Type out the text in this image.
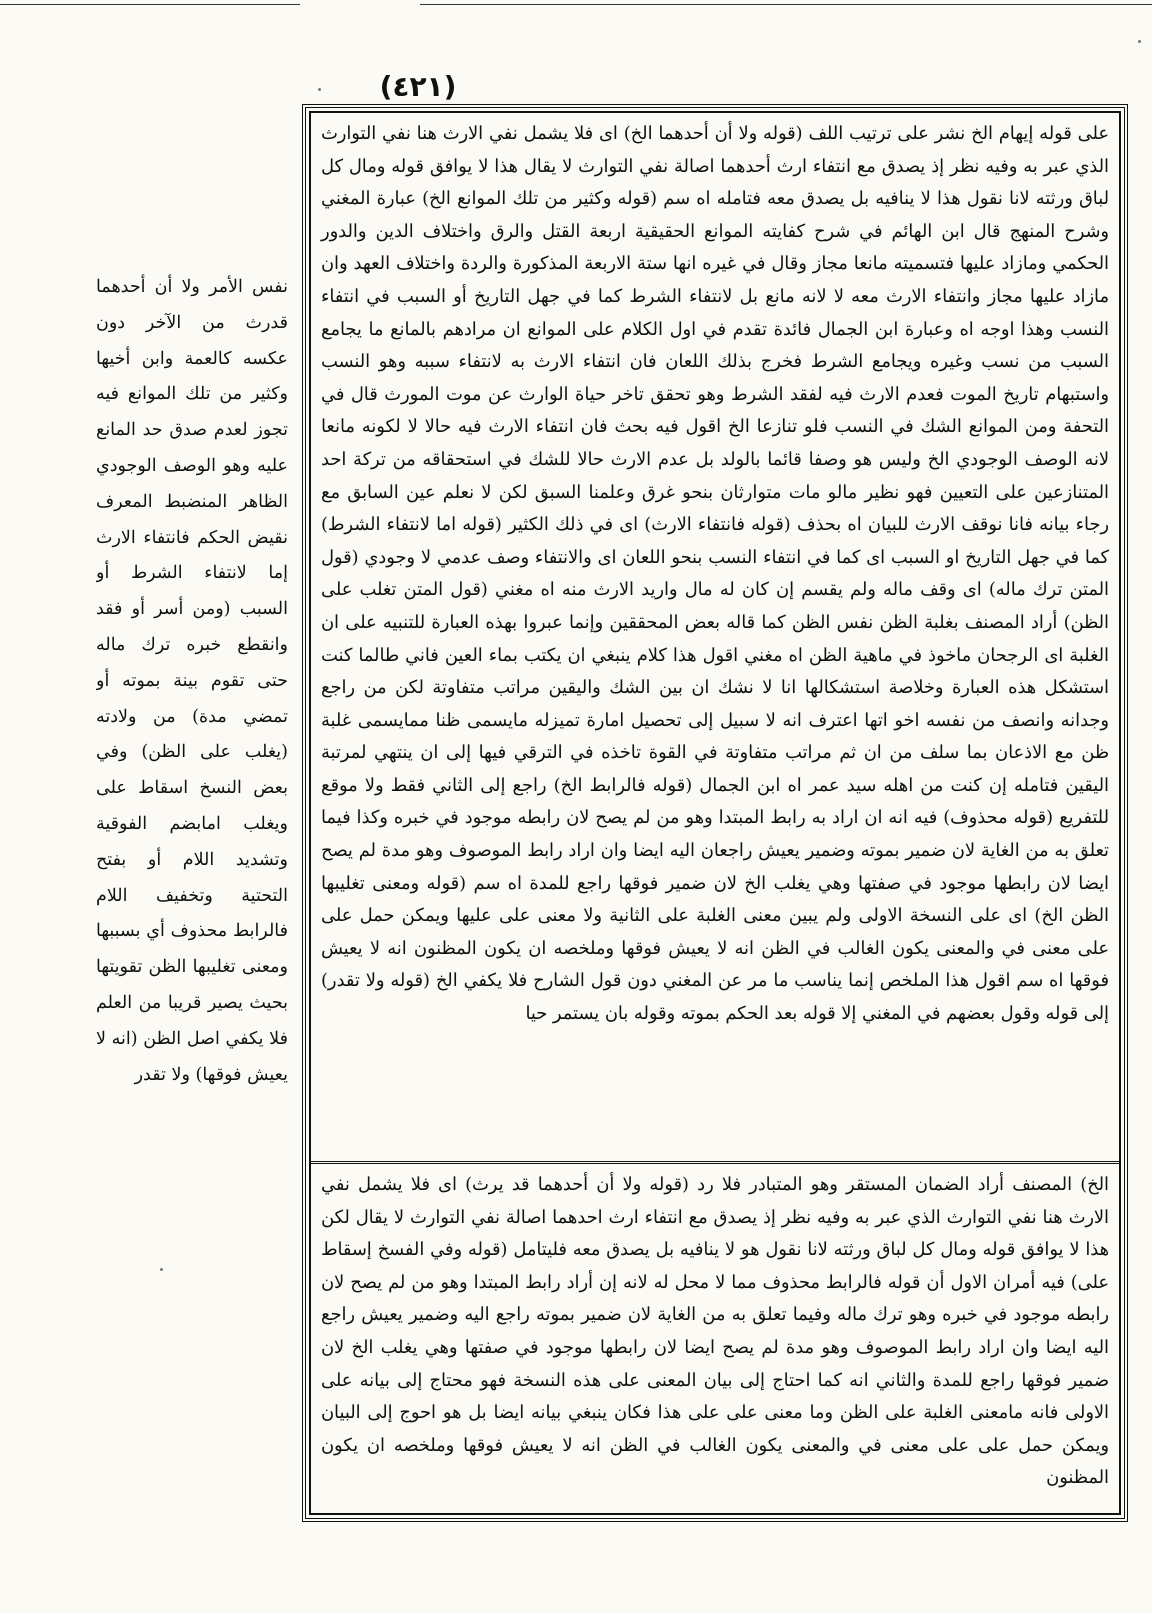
(٤٢١)
نفس الأمر ولا أن أحدهما قدرث من الآخر دون عكسه كالعمة وابن أخيها وكثير من تلك الموانع فيه تجوز لعدم صدق حد المانع عليه وهو الوصف الوجودي الظاهر المنضبط المعرف نقيض الحكم فانتفاء الارث إما لانتفاء الشرط أو السبب (ومن أسر أو فقد وانقطع خبره ترك ماله حتى تقوم بينة بموته أو تمضي مدة) من ولادته (يغلب على الظن) وفي بعض النسخ اسقاط على ويغلب امابضم الفوقية وتشديد اللام أو بفتح التحتية وتخفيف اللام فالرابط محذوف أي بسببها ومعنى تغليبها الظن تقويتها بحيث يصير قريبا من العلم فلا يكفي اصل الظن (انه لا يعيش فوقها) ولا تقدر
على قوله إيهام الخ نشر على ترتيب اللف (قوله ولا أن أحدهما الخ) اى فلا يشمل نفي الارث هنا نفي التوارث الذي عبر به وفيه نظر إذ يصدق مع انتفاء ارث أحدهما اصالة نفي التوارث لا يقال هذا لا يوافق قوله ومال كل لباق ورثته لانا نقول هذا لا ينافيه بل يصدق معه فتامله اه سم (قوله وكثير من تلك الموانع الخ) عبارة المغني وشرح المنهج قال ابن الهائم في شرح كفايته الموانع الحقيقية اربعة القتل والرق واختلاف الدين والدور الحكمي ومازاد عليها فتسميته مانعا مجاز وقال في غيره انها ستة الاربعة المذكورة والردة واختلاف العهد وان مازاد عليها مجاز وانتفاء الارث معه لا لانه مانع بل لانتفاء الشرط كما في جهل التاريخ أو السبب في انتفاء النسب وهذا اوجه اه وعبارة ابن الجمال فائدة تقدم في اول الكلام على الموانع ان مرادهم بالمانع ما يجامع السبب من نسب وغيره ويجامع الشرط فخرج بذلك اللعان فان انتفاء الارث به لانتفاء سببه وهو النسب واستبهام تاريخ الموت فعدم الارث فيه لفقد الشرط وهو تحقق تاخر حياة الوارث عن موت المورث قال في التحفة ومن الموانع الشك في النسب فلو تنازعا الخ اقول فيه بحث فان انتفاء الارث فيه حالا لا لكونه مانعا لانه الوصف الوجودي الخ وليس هو وصفا قائما بالولد بل عدم الارث حالا للشك في استحقاقه من تركة احد المتنازعين على التعيين فهو نظير مالو مات متوارثان بنحو غرق وعلمنا السبق لكن لا نعلم عين السابق مع رجاء بيانه فانا نوقف الارث للبيان اه بحذف (قوله فانتفاء الارث) اى في ذلك الكثير (قوله اما لانتفاء الشرط) كما في جهل التاريخ او السبب اى كما في انتفاء النسب بنحو اللعان اى والانتفاء وصف عدمي لا وجودي (قول المتن ترك ماله) اى وقف ماله ولم يقسم إن كان له مال واريد الارث منه اه مغني (قول المتن تغلب على الظن) أراد المصنف بغلبة الظن نفس الظن كما قاله بعض المحققين وإنما عبروا بهذه العبارة للتنبيه على ان الغلبة اى الرجحان ماخوذ في ماهية الظن اه مغني اقول هذا كلام ينبغي ان يكتب بماء العين فاني طالما كنت استشكل هذه العبارة وخلاصة استشكالها انا لا نشك ان بين الشك واليقين مراتب متفاوتة لكن من راجع وجدانه وانصف من نفسه اخو اتها اعترف انه لا سبيل إلى تحصيل امارة تميزله مايسمى ظنا ممايسمى غلبة ظن مع الاذعان بما سلف من ان ثم مراتب متفاوتة في القوة تاخذه في الترقي فيها إلى ان ينتهي لمرتبة اليقين فتامله إن كنت من اهله سيد عمر اه ابن الجمال (قوله فالرابط الخ) راجع إلى الثاني فقط ولا موقع للتفريع (قوله محذوف) فيه انه ان اراد به رابط المبتدا وهو من لم يصح لان رابطه موجود في خبره وكذا فيما تعلق به من الغاية لان ضمير بموته وضمير يعيش راجعان اليه ايضا وان اراد رابط الموصوف وهو مدة لم يصح ايضا لان رابطها موجود في صفتها وهي يغلب الخ لان ضمير فوقها راجع للمدة اه سم (قوله ومعنى تغليبها الظن الخ) اى على النسخة الاولى ولم يبين معنى الغلبة على الثانية ولا معنى على عليها ويمكن حمل على على معنى في والمعنى يكون الغالب في الظن انه لا يعيش فوقها وملخصه ان يكون المظنون انه لا يعيش فوقها اه سم اقول هذا الملخص إنما يناسب ما مر عن المغني دون قول الشارح فلا يكفي الخ (قوله ولا تقدر) إلى قوله وقول بعضهم في المغني إلا قوله بعد الحكم بموته وقوله بان يستمر حيا
الخ) المصنف أراد الضمان المستقر وهو المتبادر فلا رد (قوله ولا أن أحدهما قد يرث) اى فلا يشمل نفي الارث هنا نفي التوارث الذي عبر به وفيه نظر إذ يصدق مع انتفاء ارث احدهما اصالة نفي التوارث لا يقال لكن هذا لا يوافق قوله ومال كل لباق ورثته لانا نقول هو لا ينافيه بل يصدق معه فليتامل (قوله وفي الفسخ إسقاط على) فيه أمران الاول أن قوله فالرابط محذوف مما لا محل له لانه إن أراد رابط المبتدا وهو من لم يصح لان رابطه موجود في خبره وهو ترك ماله وفيما تعلق به من الغاية لان ضمير بموته راجع اليه وضمير يعيش راجع اليه ايضا وان اراد رابط الموصوف وهو مدة لم يصح ايضا لان رابطها موجود في صفتها وهي يغلب الخ لان ضمير فوقها راجع للمدة والثاني انه كما احتاج إلى بيان المعنى على هذه النسخة فهو محتاج إلى بيانه على الاولى فانه مامعنى الغلبة على الظن وما معنى على على هذا فكان ينبغي بيانه ايضا بل هو احوج إلى البيان ويمكن حمل على على معنى في والمعنى يكون الغالب في الظن انه لا يعيش فوقها وملخصه ان يكون المظنون
